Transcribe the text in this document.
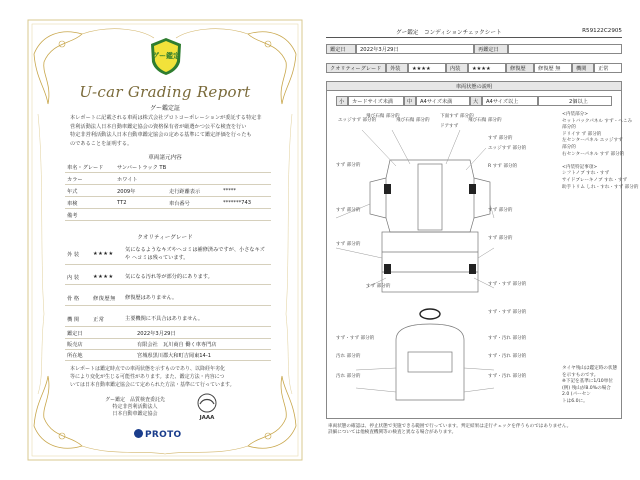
グー鑑定
U-car Grading Report
グー鑑定証
本レポートに記載される車両は株式会社プロトコーポレーションが委託する特定非
営利活動法人日本自動車鑑定協会の資格保有者が厳選かつ公平な検査を行い
特定非営利活動法人日本自動車鑑定協会の定める基準にて鑑定評価を行ったも
のであることを証明する。
車両諸元内容
車名・グレード	サンバートラック TB
カラー	ホワイト
年式	2009年	走行距離表示	*****
車検	TT2	車台番号	*******743
備考
クオリティーグレード
外 装	★★★★
気になるようなキズやヘコミは補修済みですが、小さなキズや ヘコミは残っています。
内 装	★★★★ 気になる汚れ等が部分的にあります。
骨 格	修復歴無 修復歴はありません。
機 関	正常	主要機関に不具合はありません。
鑑定日	2022年3月29日
販売店	有限会社　瓦川商自 働く車専門店
所在地	宮城県黒川郡大和町吉岡東14-1
本レポートは鑑定時点での車両状態を示すものであり、以降経年劣化
等により変化が生じる可能性があります。また、鑑定方法・内容につ
いては日本自動車鑑定協会にて定められた方法・基準にて行っています。
グー鑑定　品質検査委託先
特定非営利活動法人
日本自動車鑑定協会
JAAA
PROTO
グー鑑定　コンディションチェックシート	R59122C2905
鑑定日	2022年3月29日	再鑑定日
クオリティーグレード	外装	★★★★	内装	★★★★	修復歴	修復歴 無	機関	正常
車両状態の説明
小	カードサイズ未満	中	A4サイズ未満	大	A4サイズ以上	2個以上
エッジすず 部分的
飛び石傷 部分的
飛び石傷 部分的
下面すず 部分的
飛び石傷 部分的
すず 部分的
ドアすず
エッジすず 部分的
すず 部分的	R すず 部分的
すず 部分的	すず 部分的
すず 部分的
すず 部分的
すず 部分的	すず・すず 部分的
すず・すず 部分的
すず・すず 部分的	すず・汚れ 部分的
汚れ 部分的	すず・汚れ 部分的
汚れ 部分的	すず・汚れ 部分的
<内装部分>
セットバックパネル すず・へこみ
部分的
ドリイす ず 部分的
左センターパネル エッジすず
部分的
右センターパネル すず 部分的

<内装特記事項>
シフトノブ すれ・すず
サイドブレーキノブ すれ・すず
助手トリム しれ・すれ・すず 部分的
タイヤ残山は鑑定時の状態
を示すものです。
※下記を基準に1/10単位
(例) 残山が8.0%の場合
2.0 (パーセン
トは6.0に。
車両状態の確認は、停止状態で実施できる範囲で行っています。判定結果は走行チェックを伴うものではありません。
詳細については他検査機関等の検査と異なる場合があります。
